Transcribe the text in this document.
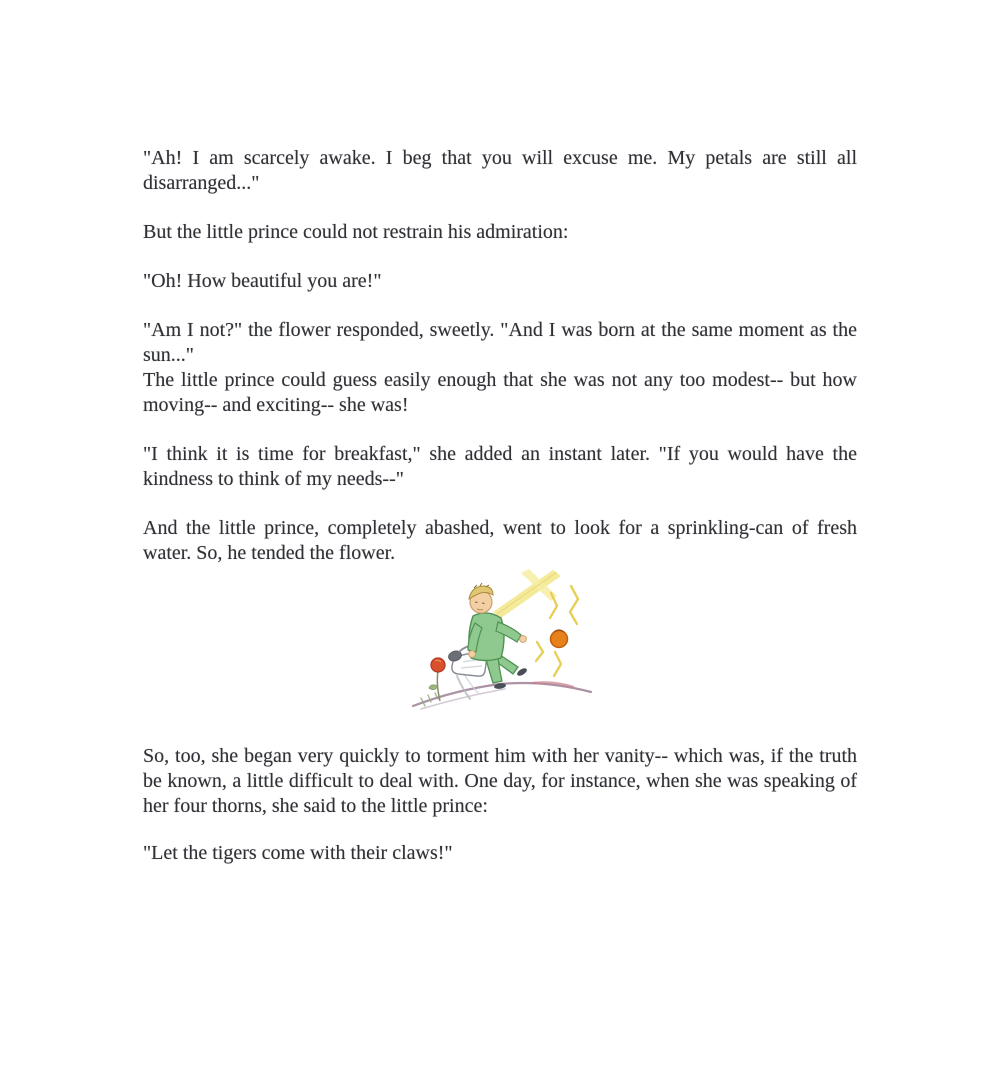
"Ah! I am scarcely awake. I beg that you will excuse me. My petals are still all disarranged..."

But the little prince could not restrain his admiration:

"Oh! How beautiful you are!"

"Am I not?" the flower responded, sweetly. "And I was born at the same moment as the sun..."

The little prince could guess easily enough that she was not any too modest-- but how moving-- and exciting-- she was!

"I think it is time for breakfast," she added an instant later. "If you would have the kindness to think of my needs--"

And the little prince, completely abashed, went to look for a sprinkling-can of fresh water. So, he tended the flower.

So, too, she began very quickly to torment him with her vanity-- which was, if the truth be known, a little difficult to deal with. One day, for instance, when she was speaking of her four thorns, she said to the little prince:

"Let the tigers come with their claws!"
